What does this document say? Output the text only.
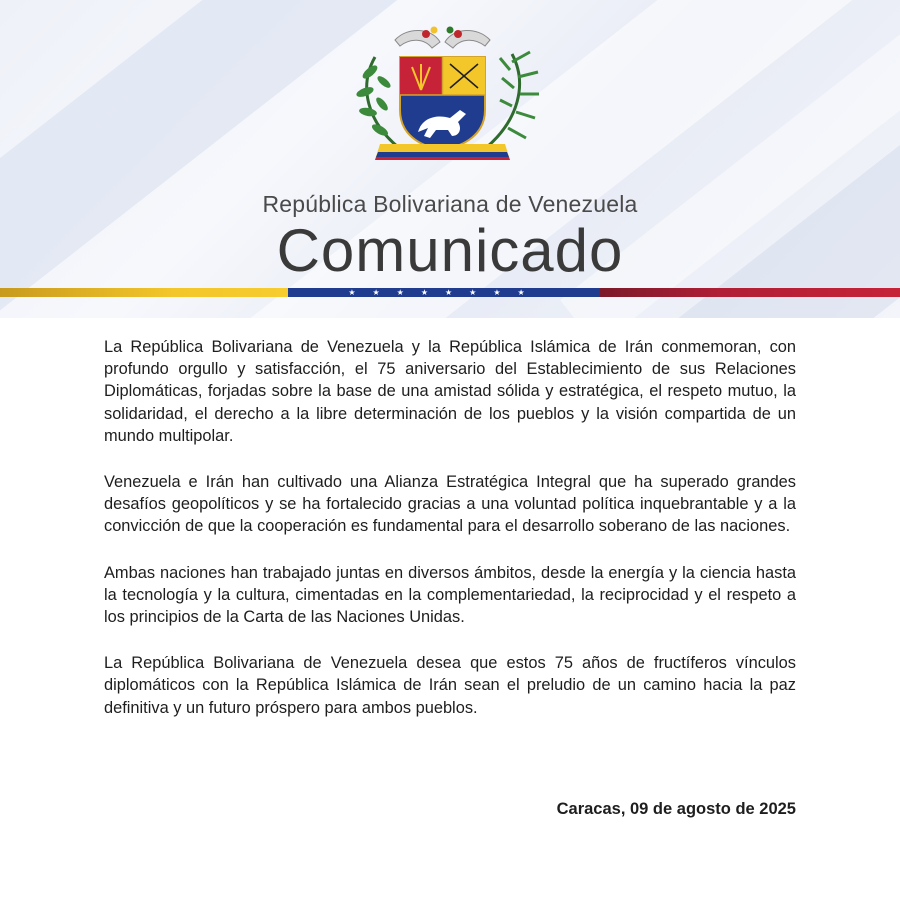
República Bolivariana de Venezuela
Comunicado
★★★★★★★★

La República Bolivariana de Venezuela y la República Islámica de Irán conmemoran, con profundo orgullo y satisfacción, el 75 aniversario del Establecimiento de sus Relaciones Diplomáticas, forjadas sobre la base de una amistad sólida y estratégica, el respeto mutuo, la solidaridad, el derecho a la libre determinación de los pueblos y la visión compartida de un mundo multipolar.

Venezuela e Irán han cultivado una Alianza Estratégica Integral que ha superado grandes desafíos geopolíticos y se ha fortalecido gracias a una voluntad política inquebrantable y a la convicción de que la cooperación es fundamental para el desarrollo soberano de las naciones.

Ambas naciones han trabajado juntas en diversos ámbitos, desde la energía y la ciencia hasta la tecnología y la cultura, cimentadas en la complementariedad, la reciprocidad y el respeto a los principios de la Carta de las Naciones Unidas.

La República Bolivariana de Venezuela desea que estos 75 años de fructíferos vínculos diplomáticos con la República Islámica de Irán sean el preludio de un camino hacia la paz definitiva y un futuro próspero para ambos pueblos.

Caracas, 09 de agosto de 2025
